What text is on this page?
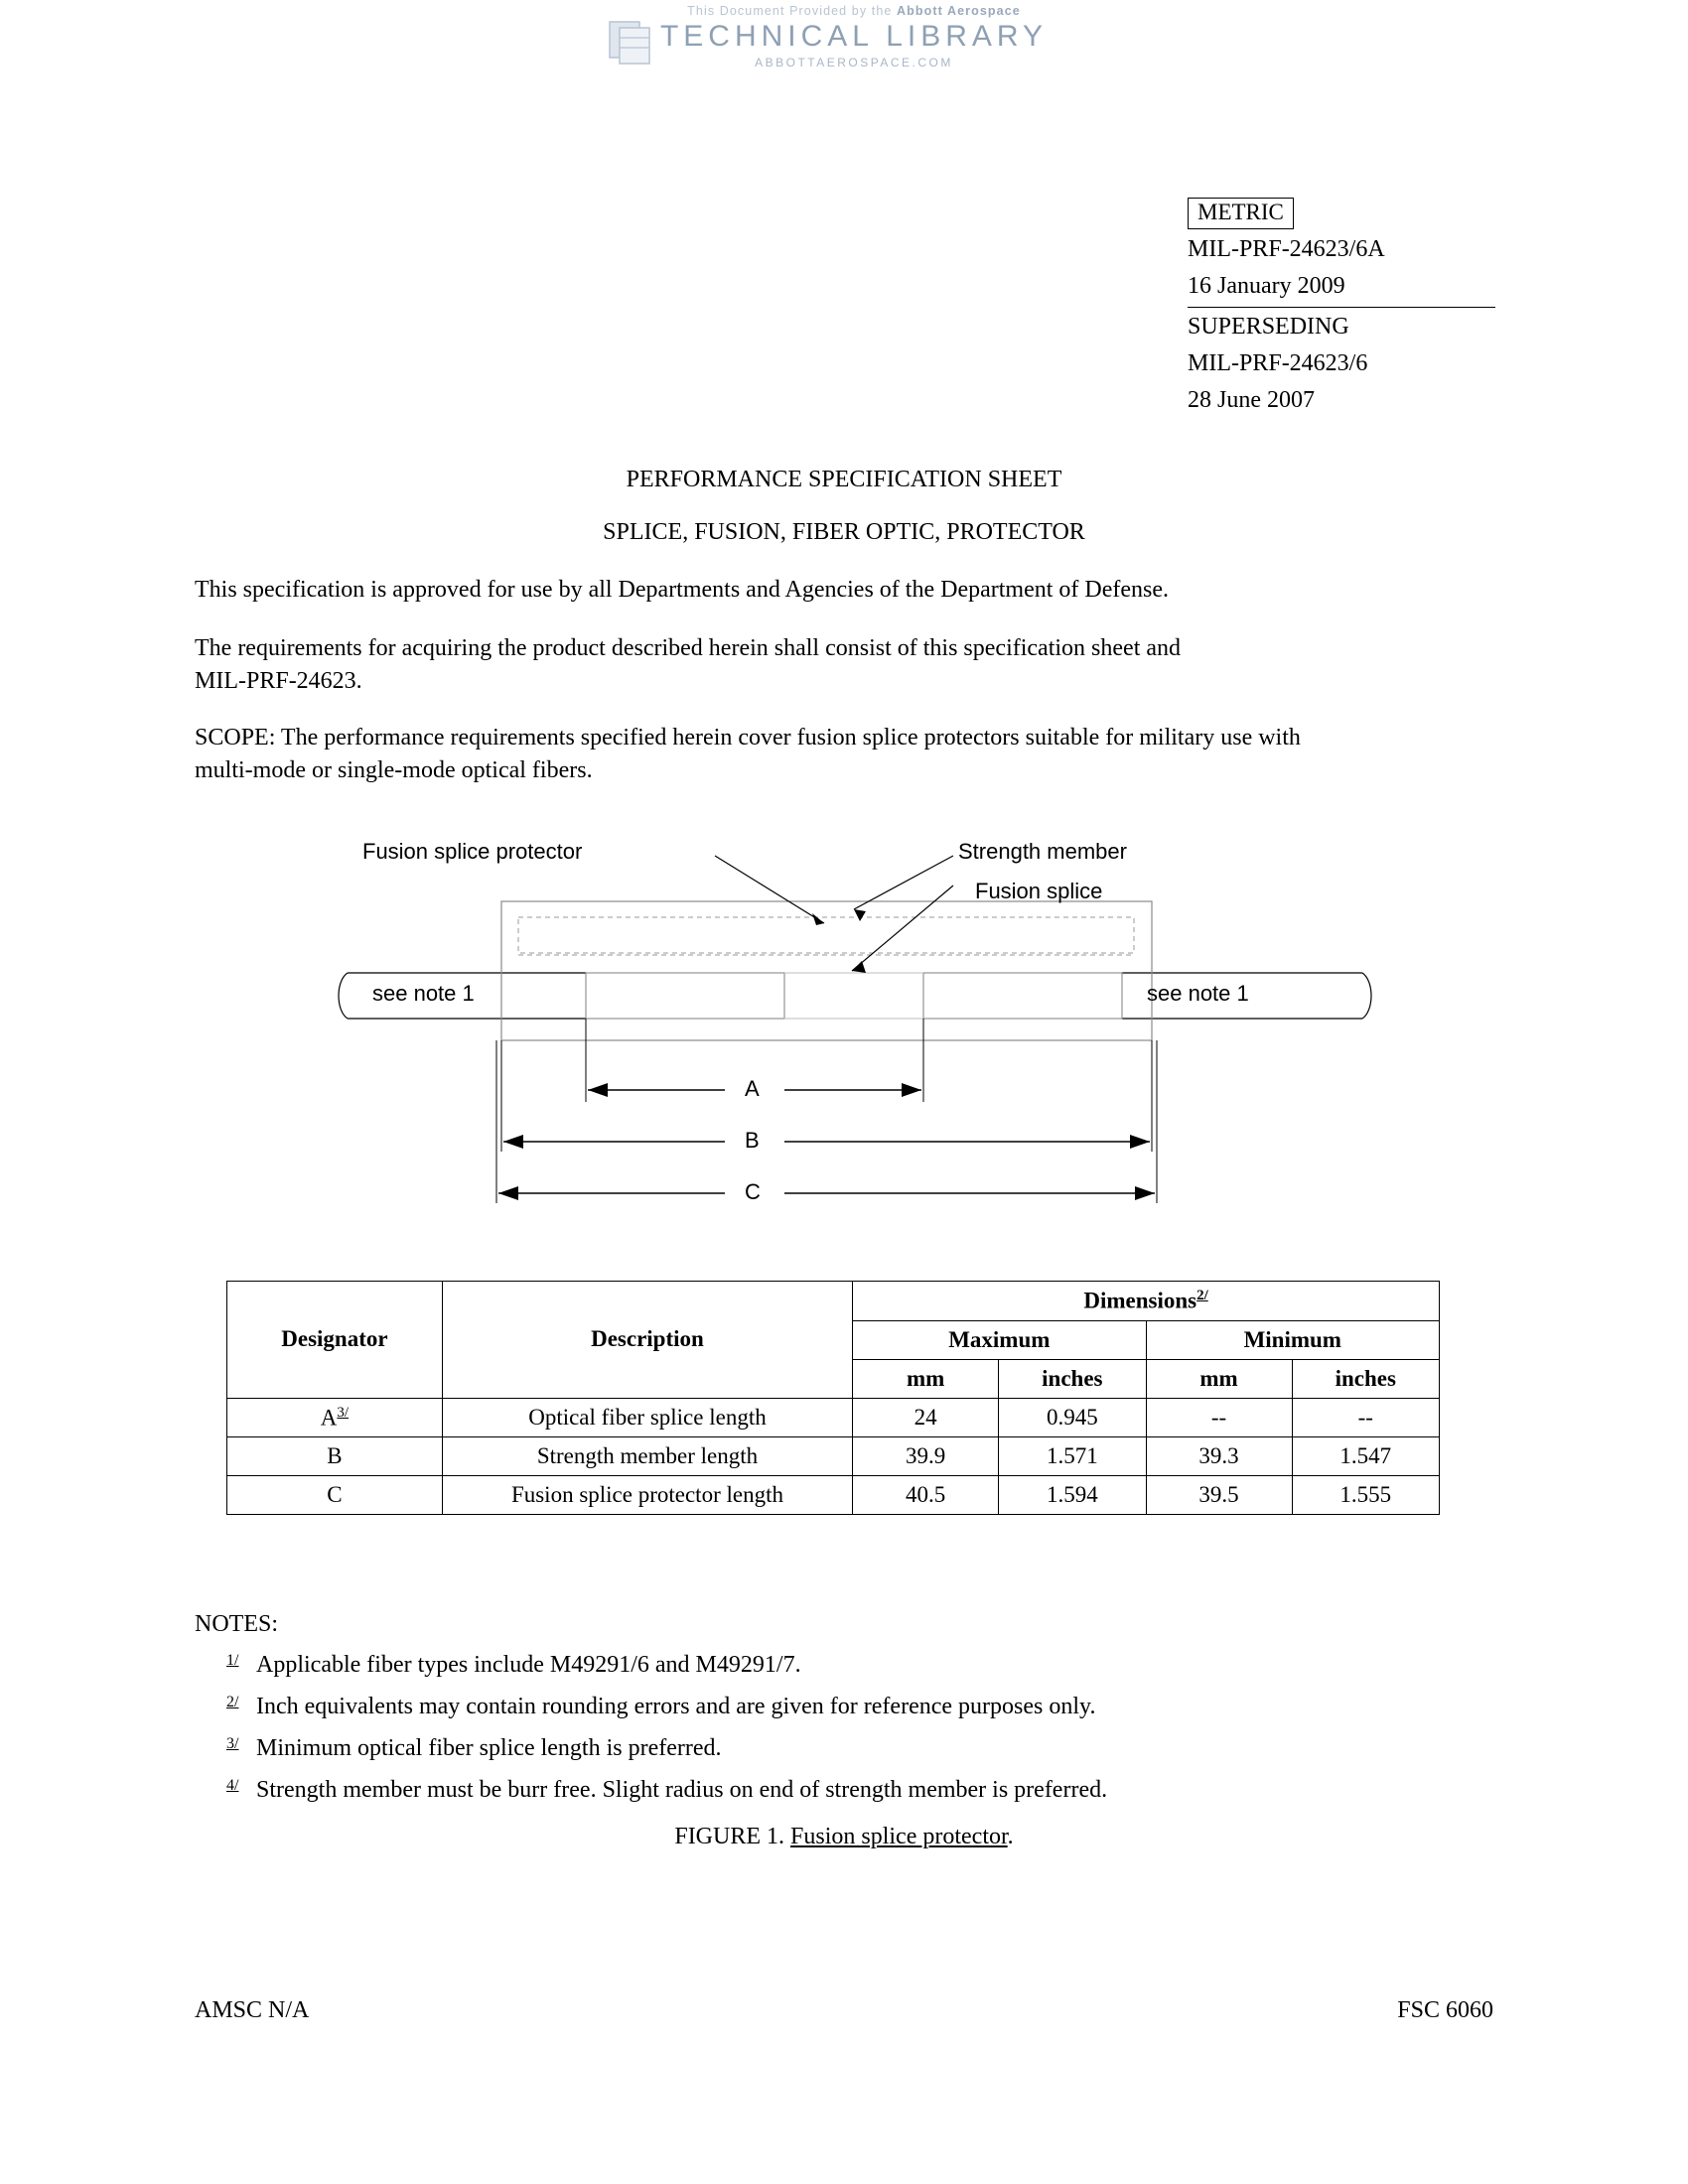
This Document Provided by the Abbott Aerospace
TECHNICAL LIBRARY
ABBOTTAEROSPACE.COM
METRIC
MIL-PRF-24623/6A
16 January 2009
SUPERSEDING
MIL-PRF-24623/6
28 June 2007
PERFORMANCE SPECIFICATION SHEET
SPLICE, FUSION, FIBER OPTIC, PROTECTOR
This specification is approved for use by all Departments and Agencies of the Department of Defense.
The requirements for acquiring the product described herein shall consist of this specification sheet and
MIL-PRF-24623.
SCOPE: The performance requirements specified herein cover fusion splice protectors suitable for military use with
multi-mode or single-mode optical fibers.
Fusion splice protector	Strength member
Fusion splice
see note 1	see note 1
A
B
C
Designator	Description	Dimensions$^{2/}$
		Maximum		Minimum	
		mm	inches	mm	inches
A$^{3/}$	Optical fiber splice length	24	0.945	--	--
B	Strength member length	39.9	1.571	39.3	1.547
C	Fusion splice protector length	40.5	1.594	39.5	1.555
NOTES:
1/ Applicable fiber types include M49291/6 and M49291/7.
2/ Inch equivalents may contain rounding errors and are given for reference purposes only.
3/ Minimum optical fiber splice length is preferred.
4/ Strength member must be burr free. Slight radius on end of strength member is preferred.
FIGURE 1. Fusion splice protector.
AMSC N/A	FSC 6060
